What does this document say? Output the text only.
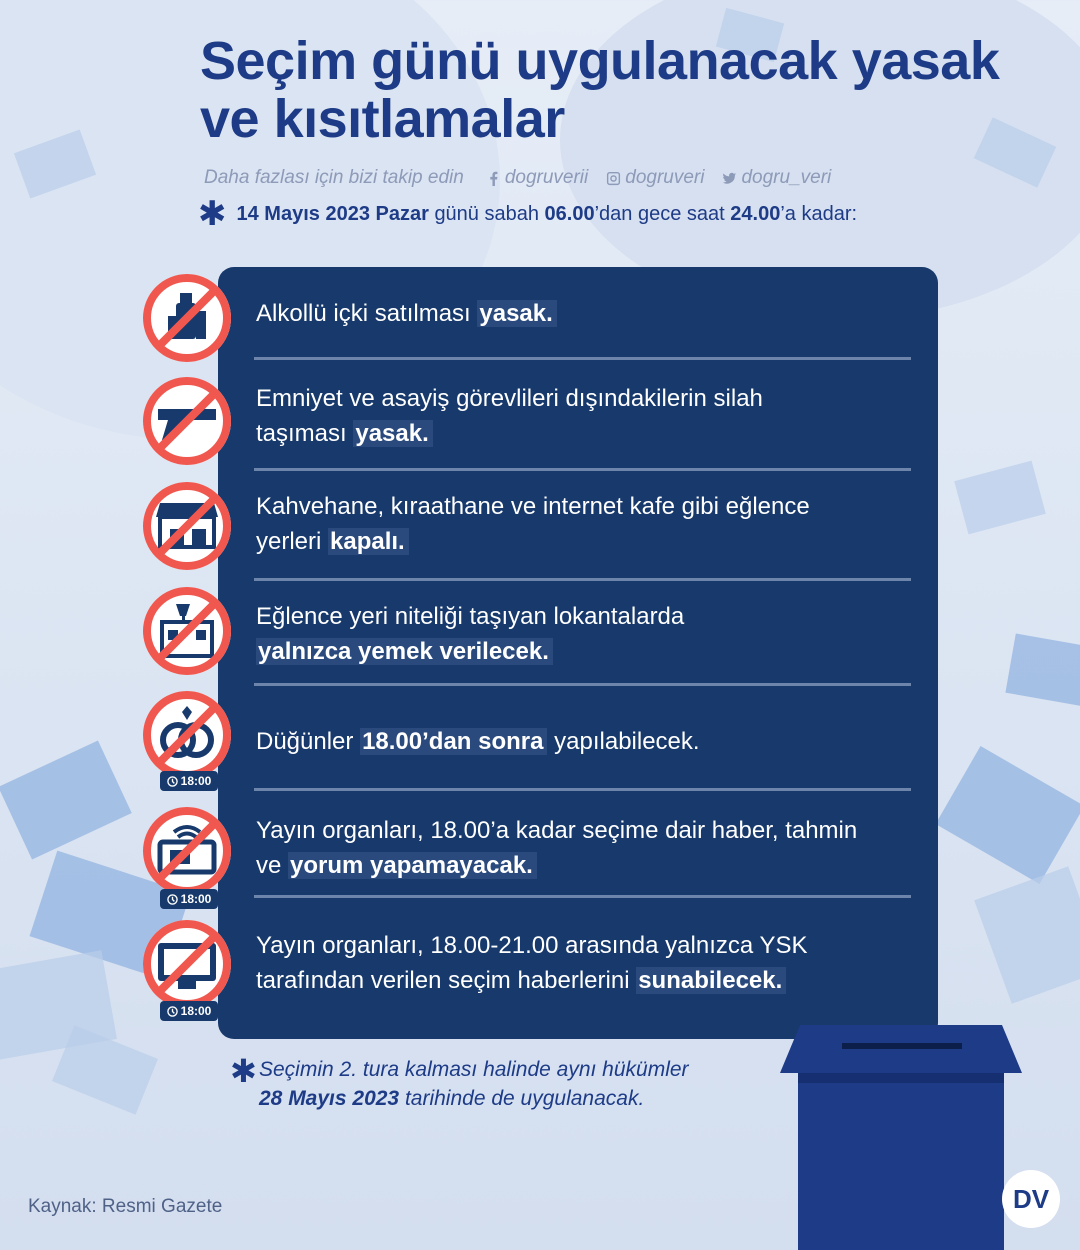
Seçim günü uygulanacak yasak ve kısıtlamalar
Daha fazlası için bizi takip edin dogruverii dogruveri dogru_veri
✱ 14 Mayıs 2023 Pazar günü sabah 06.00’dan gece saat 24.00’a kadar:
Alkollü içki satılması yasak.
Emniyet ve asayiş görevlileri dışındakilerin silah taşıması yasak.
Kahvehane, kıraathane ve internet kafe gibi eğlence yerleri kapalı.
Eğlence yeri niteliği taşıyan lokantalarda yalnızca yemek verilecek.
Düğünler 18.00’dan sonra yapılabilecek.
Yayın organları, 18.00’a kadar seçime dair haber, tahmin ve yorum yapamayacak.
Yayın organları, 18.00-21.00 arasında yalnızca YSK tarafından verilen seçim haberlerini sunabilecek.
18:00
18:00
18:00
✱ Seçimin 2. tura kalması halinde aynı hükümler

28 Mayıs 2023 tarihinde de uygulanacak.

Kaynak: Resmi Gazete	DV
